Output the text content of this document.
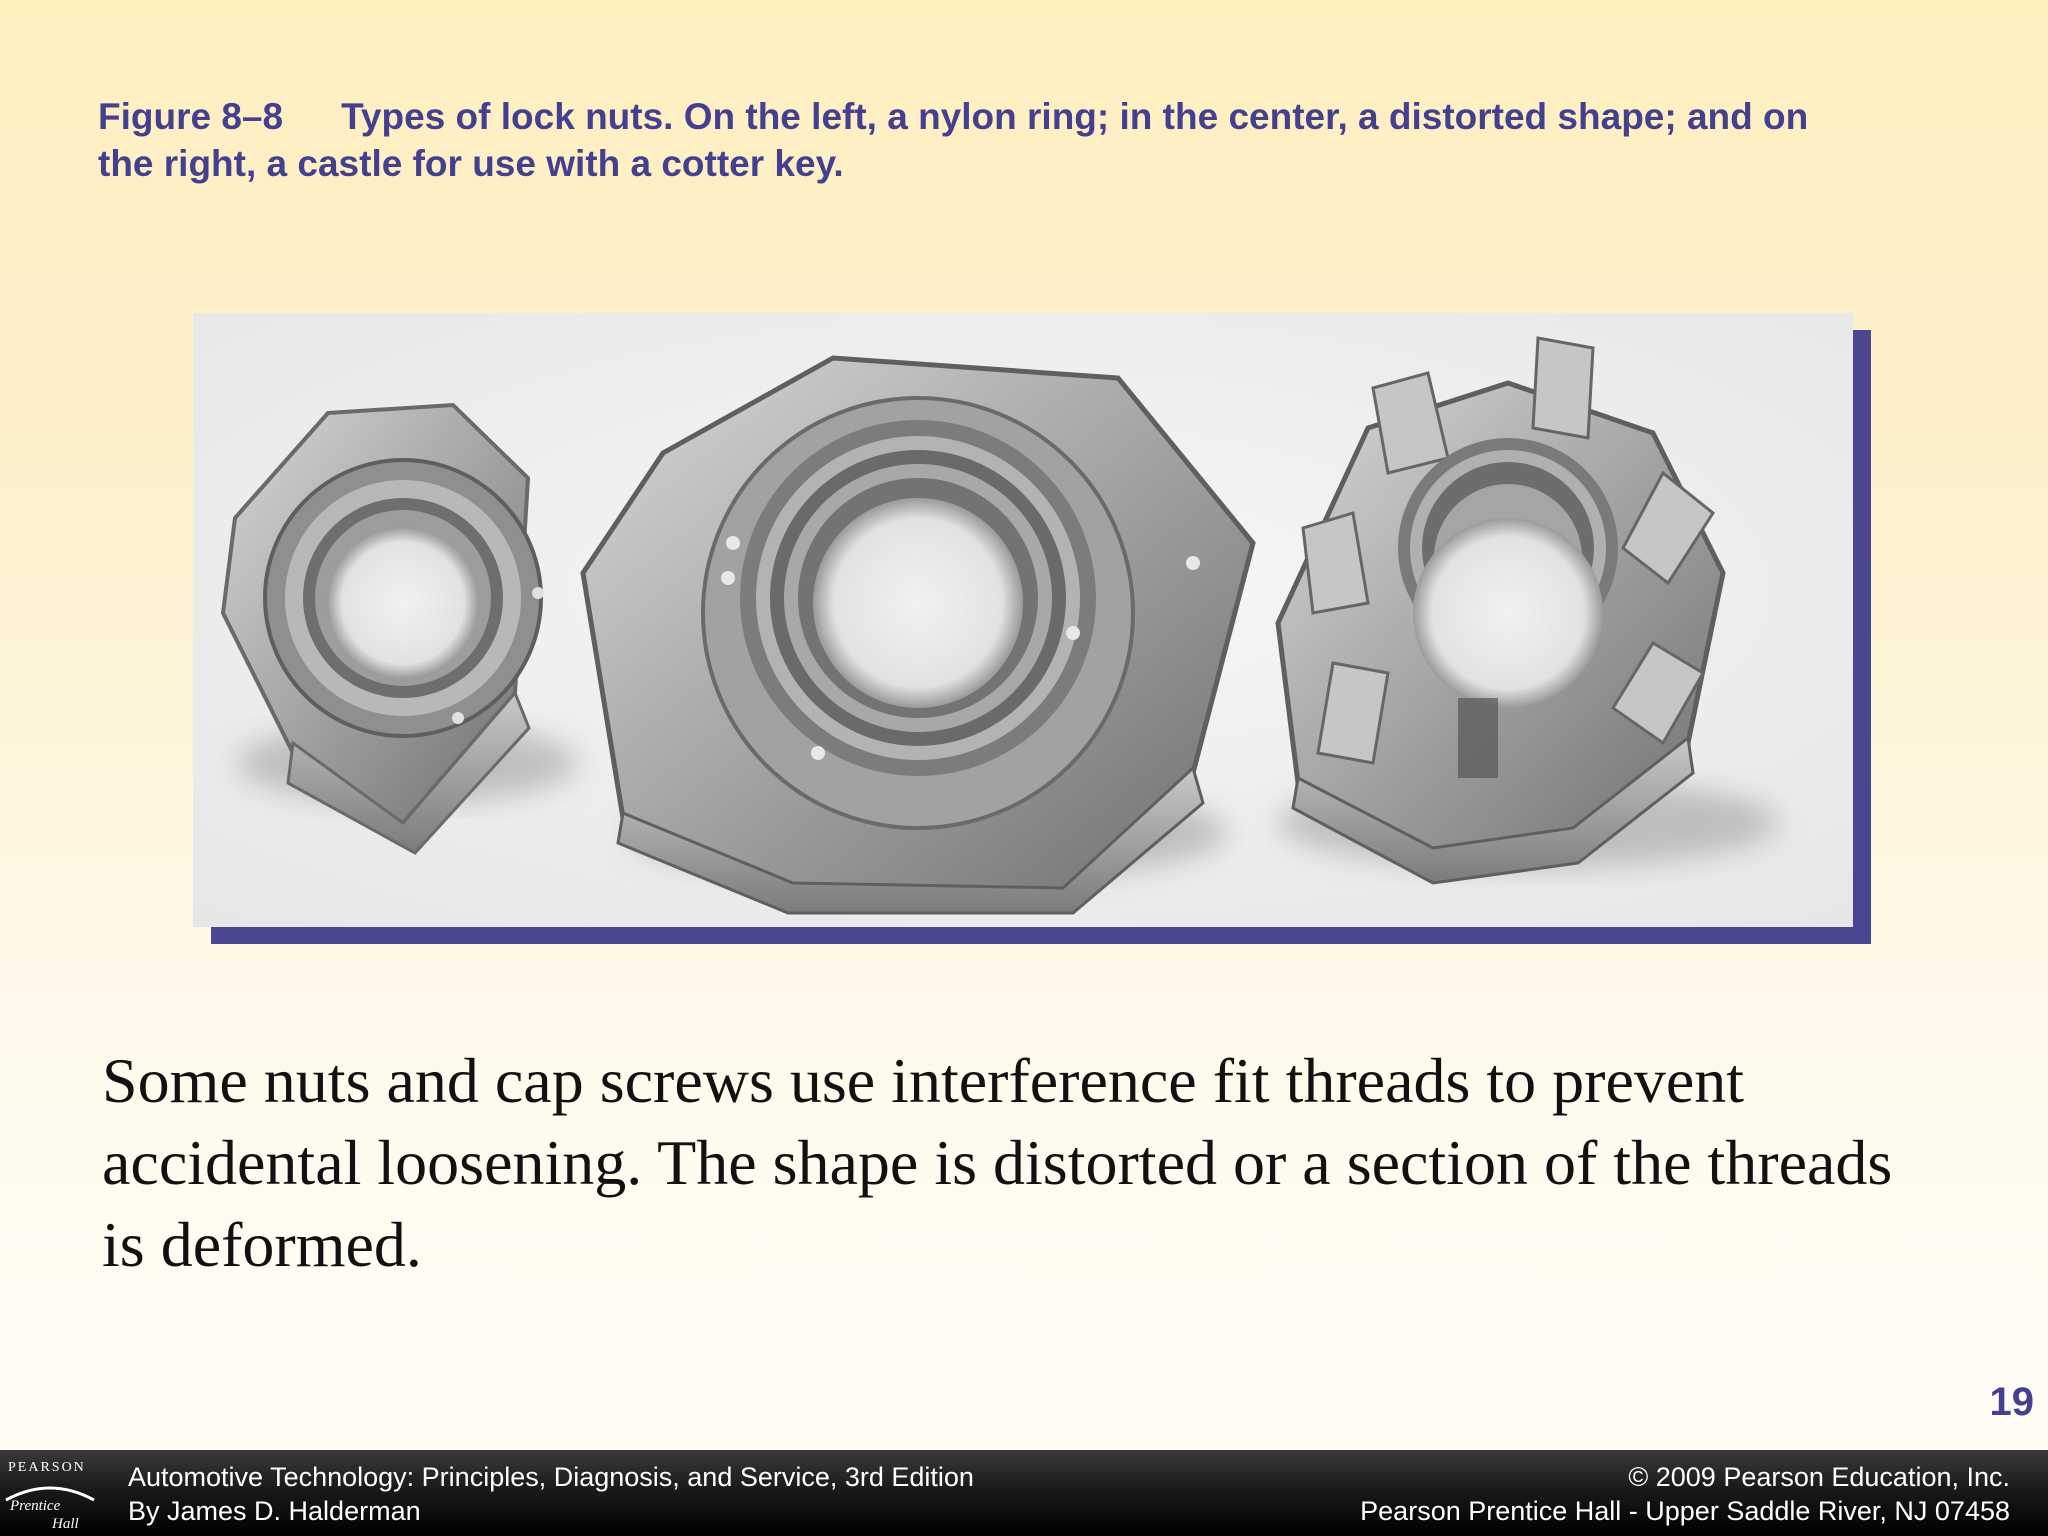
Figure 8–8 Types of lock nuts. On the left, a nylon ring; in the center, a distorted shape; and on the right, a castle for use with a cotter key.
Some nuts and cap screws use interference fit threads to prevent accidental loosening. The shape is distorted or a section of the threads is deformed.
19
PEARSON
Prentice
Hall
Automotive Technology: Principles, Diagnosis, and Service, 3rd Edition
By James D. Halderman
© 2009 Pearson Education, Inc.
Pearson Prentice Hall - Upper Saddle River, NJ 07458
